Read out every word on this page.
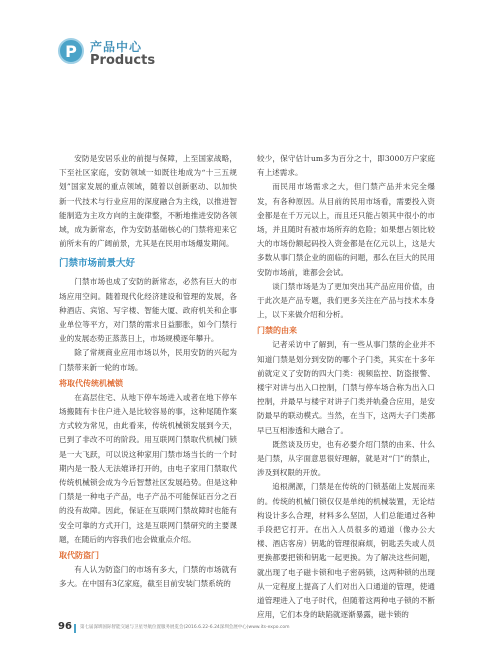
P 产品中心
Products

安防是安居乐业的前提与保障，上至国家战略，下至社区家庭，安防领域一如既往地成为“十三五规划”国家发展的重点领域，随着以创新驱动、以加快新一代技术与行业应用的深度融合为主线，以推进智能制造为主攻方向的主旋律整，不断地推进安防各领域，成为新常态，作为安防基础核心的门禁将迎来它前所未有的广阔前景，尤其是在民用市场爆发期间。

门禁市场前景大好

门禁市场也成了安防的新常态，必然有巨大的市场应用空间。随着现代化经济建设和管理的发展，各种酒店、宾馆、写字楼、智能大厦、政府机关和企事业单位等平方，对门禁的需求日益膨胀，如今门禁行业的发展态势正蒸蒸日上，市场规模逐年攀升。

除了常规商业应用市场以外，民用安防的兴起为门禁带来新一轮的市场。

将取代传统机械锁

在高层住宅、从地下停车场进入或者在地下停车场搬随有卡住户进入是比较容易的事，这种尾随作案方式较为常见，由此看来，传统机械锁发展到今天，已到了非改不可的阶段。用互联网门禁取代机械门锁是一大飞跃，可以说这种家用门禁市场当长的一个时期内是一股人无法媲译打开的，由电子家用门禁取代传统机械锁会成为今后智慧社区发展趋势。但是这种门禁是一种电子产品，电子产品不可能保证百分之百的没有故障。因此，保证在互联网门禁故障时也能有安全可靠的方式开门，这是互联网门禁研究的主要课题，在随后的内容我们也会做重点介绍。

取代防盗门

有人认为防盗门的市场有多大，门禁的市场就有多大。在中国有3亿家庭，截至目前安装门禁系统的

较少，保守估计um多为百分之十，即3000万户家庭有上述需求。

而民用市场需求之大，但门禁产品并未完全爆发，有各种原因。从目前的民用市场看，需要投入资金都是在千万元以上，而且还只能占领其中很小的市场，并且随时有被市场所弃的危险；如果想占领比较大的市场份额起码投入资金都是在亿元以上，这是大多数从事门禁企业的面临的问题，那么在巨大的民用安防市场前，谁都会会试。

谈门禁市场是为了更加突出其产品应用价值，由于此次是产品专题，我们更多关注在产品与技术本身上，以下来做介绍和分析。

门禁的由来

记者采访中了解到，有一些从事门禁的企业并不知道门禁是划分到安防的哪个子门类，其实在十多年前就定义了安防的四大门类：视频监控、防盗报警、楼宇对讲与出入口控制，门禁与停车场合称为出入口控制，并最早与楼宇对讲子门类并轨叠合应用，是安防最早的联动模式。当然，在当下，这两大子门类都早已互相渗透和大融合了。

既然谈及历史，也有必要介绍门禁的由来、什么是门禁，从字面意思很好理解，就是对“门”的禁止，涉及到权限的开放。

追根溯源，门禁是在传统的门锁基础上发展而来的。传统的机械门锁仅仅是单纯的机械装置，无论结构设计多么合理，材料多么坚固，人们总能通过各种手段把它打开。在出入人员很多的通道（像办公大楼、酒店客房）钥匙的管理很麻烦，钥匙丢失或人员更换都要把锁和钥匙一起更换。为了解决这些问题，就出现了电子磁卡锁和电子密码锁，这两种锁的出现从一定程度上提高了人们对出入口通道的管理，使通道管理进入了电子时代，但随着这两种电子锁的不断应用，它们本身的缺陷就逐渐暴露，磁卡锁的

96 第七届深圳国际智能交通与卫星导航位置服务展览会(2016.6.22-6.24深圳会展中心)www.its-expo.com
